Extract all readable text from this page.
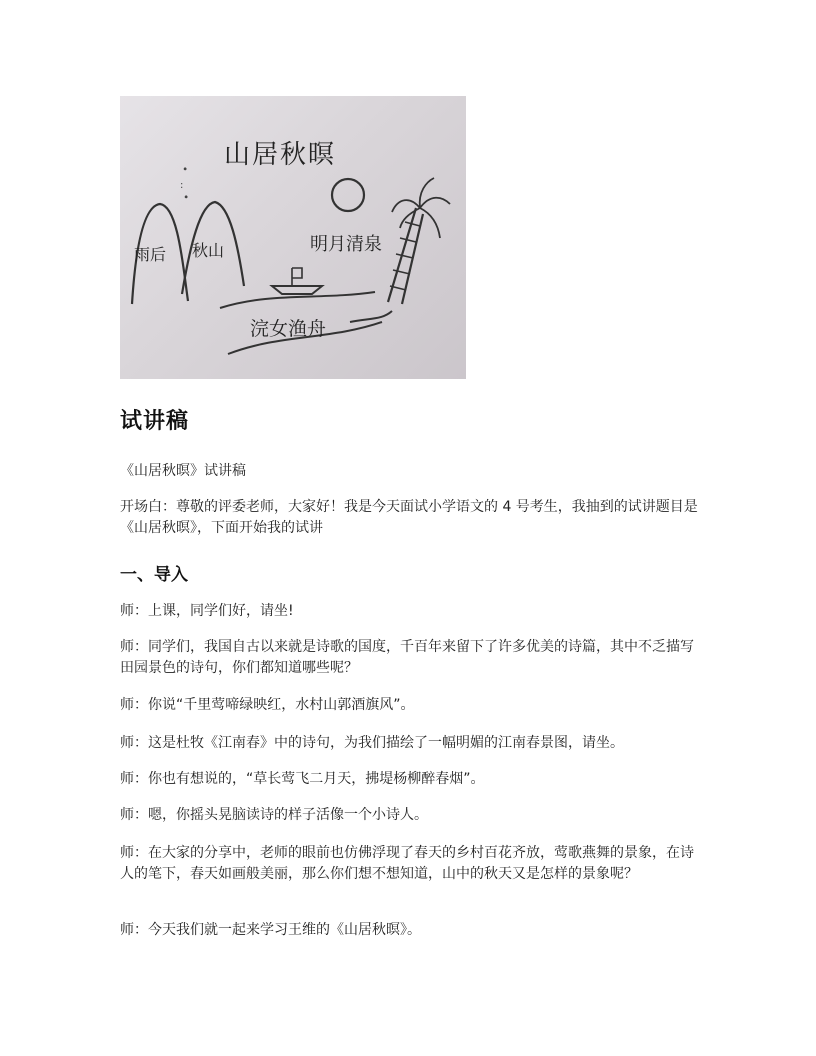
∙
:
∙
山居秋暝
雨后 秋山	明月清泉
浣女渔舟
试讲稿

《山居秋暝》试讲稿

开场白：尊敬的评委老师，大家好！我是今天面试小学语文的 4 号考生，我抽到的试讲题目是《山居秋暝》，下面开始我的试讲

一、导入

师：上课，同学们好，请坐!

师：同学们，我国自古以来就是诗歌的国度，千百年来留下了许多优美的诗篇，其中不乏描写田园景色的诗句，你们都知道哪些呢？

师：你说“千里莺啼绿映红，水村山郭酒旗风”。

师：这是杜牧《江南春》中的诗句，为我们描绘了一幅明媚的江南春景图，请坐。

师：你也有想说的，“草长莺飞二月天，拂堤杨柳醉春烟”。

师：嗯，你摇头晃脑读诗的样子活像一个小诗人。

师：在大家的分享中，老师的眼前也仿佛浮现了春天的乡村百花齐放，莺歌燕舞的景象，在诗人的笔下，春天如画般美丽，那么你们想不想知道，山中的秋天又是怎样的景象呢？

师：今天我们就一起来学习王维的《山居秋暝》。
